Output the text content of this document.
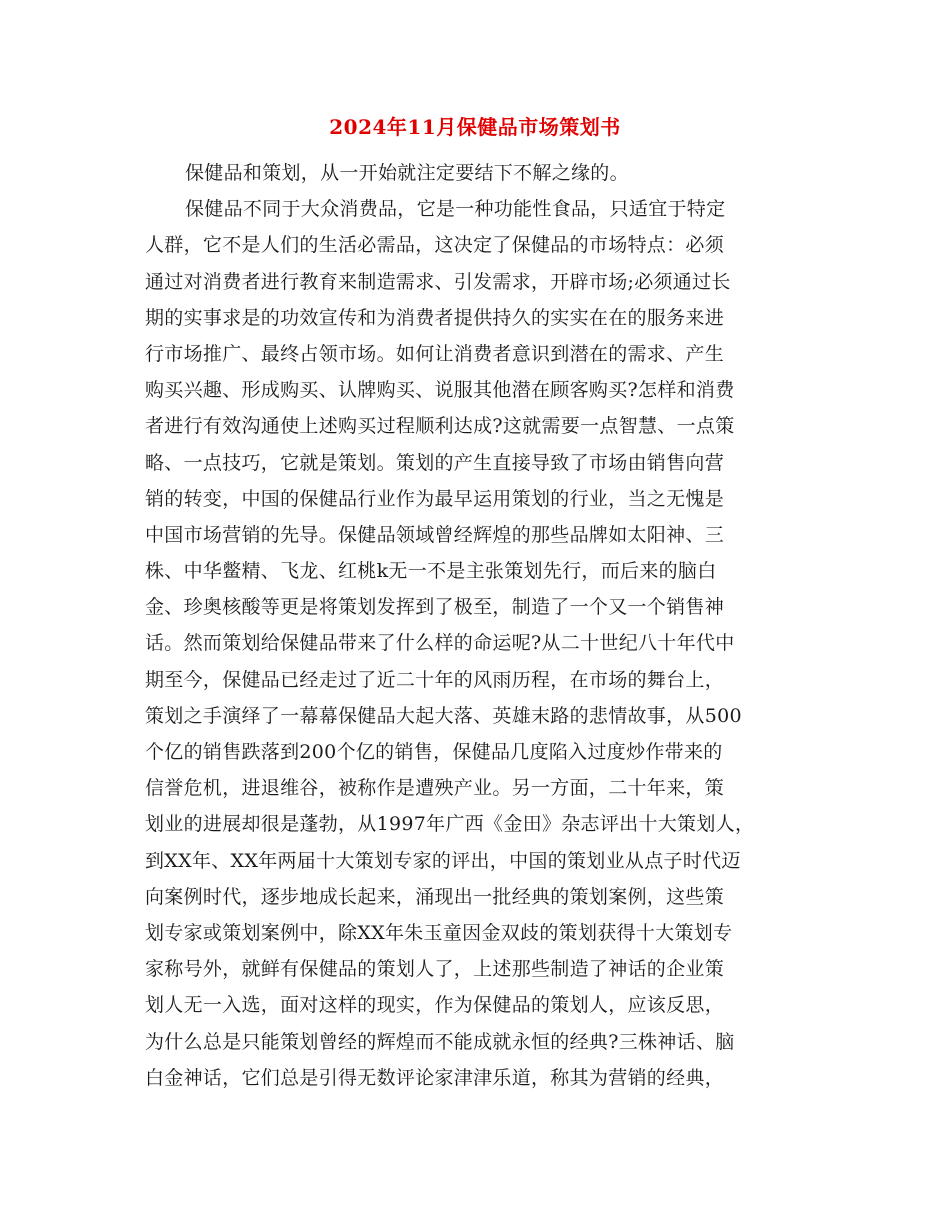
2024年11月保健品市场策划书
保健品和策划，从一开始就注定要结下不解之缘的。
保健品不同于大众消费品，它是一种功能性食品，只适宜于特定
人群，它不是人们的生活必需品，这决定了保健品的市场特点：必须
通过对消费者进行教育来制造需求、引发需求，开辟市场;必须通过长
期的实事求是的功效宣传和为消费者提供持久的实实在在的服务来进
行市场推广、最终占领市场。如何让消费者意识到潜在的需求、产生
购买兴趣、形成购买、认牌购买、说服其他潜在顾客购买?怎样和消费
者进行有效沟通使上述购买过程顺利达成?这就需要一点智慧、一点策
略、一点技巧，它就是策划。策划的产生直接导致了市场由销售向营
销的转变，中国的保健品行业作为最早运用策划的行业，当之无愧是
中国市场营销的先导。保健品领域曾经辉煌的那些品牌如太阳神、三
株、中华鳖精、飞龙、红桃k无一不是主张策划先行，而后来的脑白
金、珍奥核酸等更是将策划发挥到了极至，制造了一个又一个销售神
话。然而策划给保健品带来了什么样的命运呢?从二十世纪八十年代中
期至今，保健品已经走过了近二十年的风雨历程，在市场的舞台上，
策划之手演绎了一幕幕保健品大起大落、英雄末路的悲情故事，从500
个亿的销售跌落到200个亿的销售，保健品几度陷入过度炒作带来的
信誉危机，进退维谷，被称作是遭殃产业。另一方面，二十年来，策
划业的进展却很是蓬勃，从1997年广西《金田》杂志评出十大策划人，
到XX年、XX年两届十大策划专家的评出，中国的策划业从点子时代迈
向案例时代，逐步地成长起来，涌现出一批经典的策划案例，这些策
划专家或策划案例中，除XX年朱玉童因金双歧的策划获得十大策划专
家称号外，就鲜有保健品的策划人了，上述那些制造了神话的企业策
划人无一入选，面对这样的现实，作为保健品的策划人，应该反思，
为什么总是只能策划曾经的辉煌而不能成就永恒的经典?三株神话、脑
白金神话，它们总是引得无数评论家津津乐道，称其为营销的经典，
